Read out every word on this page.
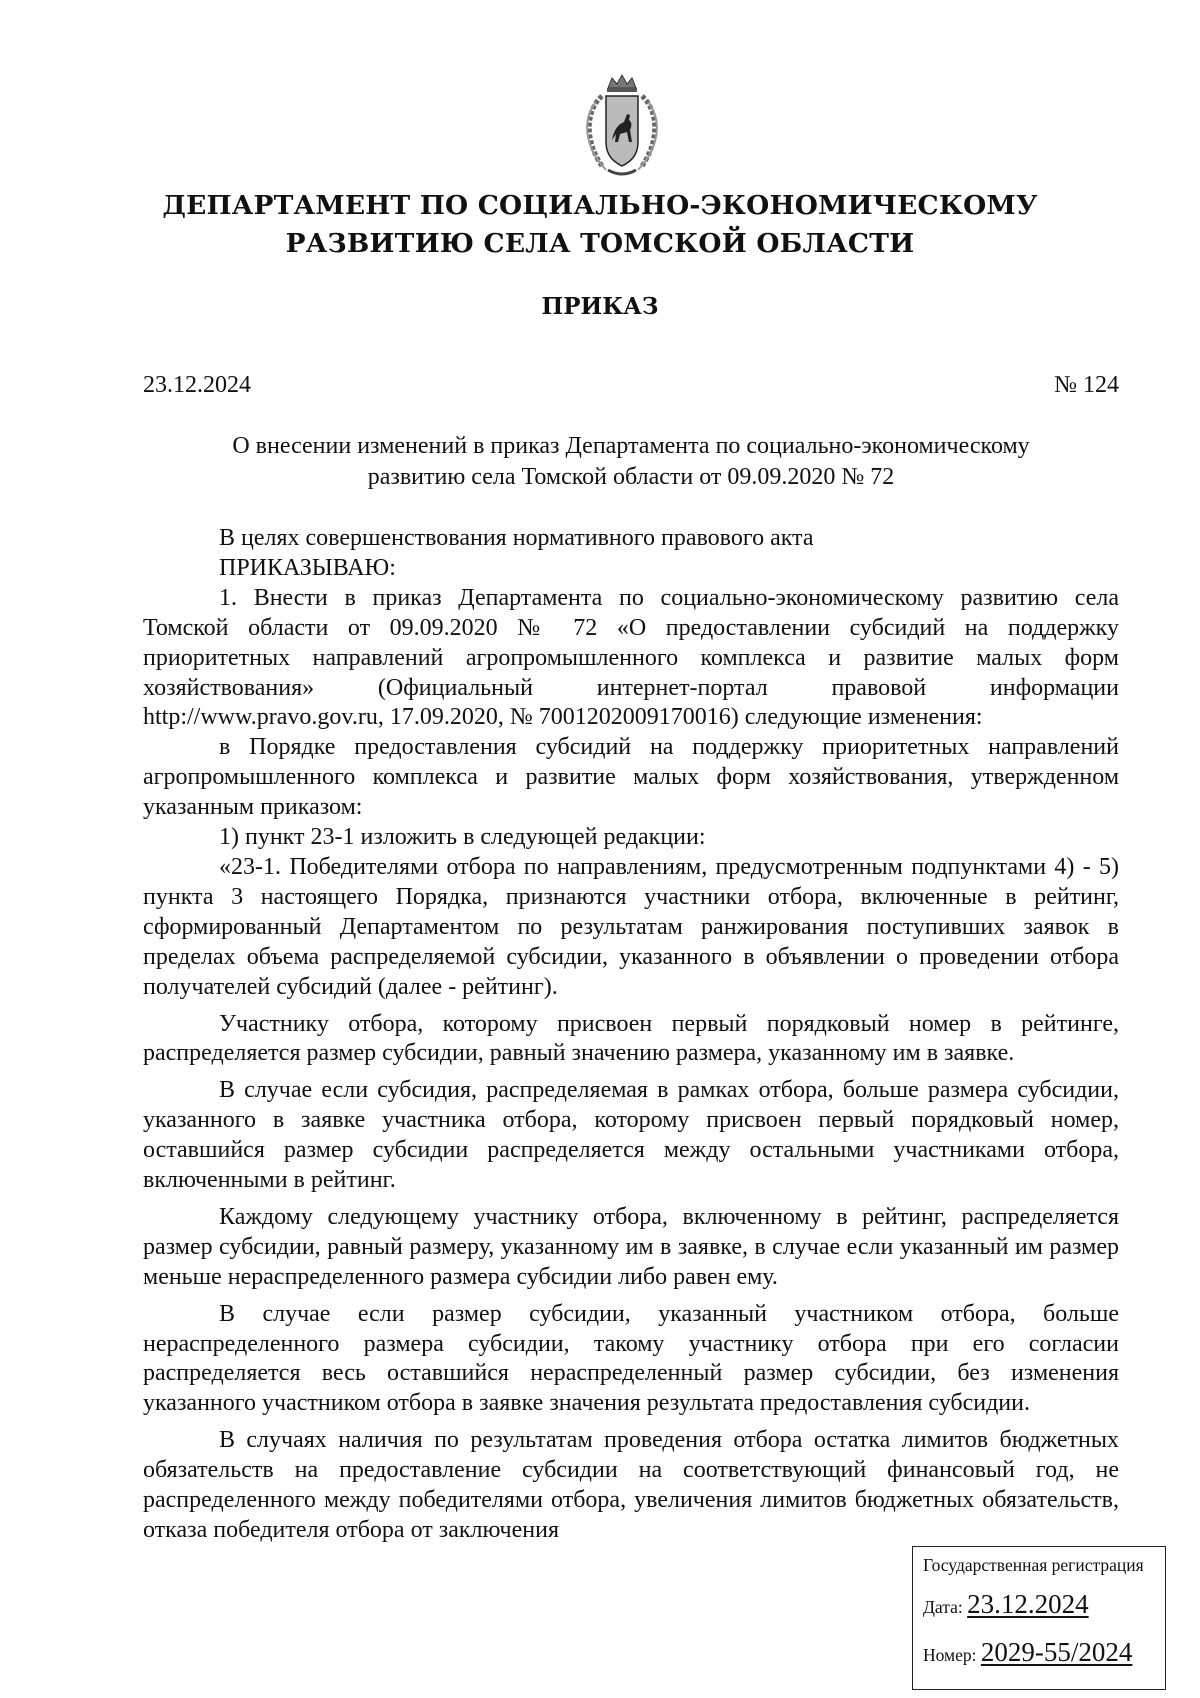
ДЕПАРТАМЕНТ ПО СОЦИАЛЬНО-ЭКОНОМИЧЕСКОМУ
РАЗВИТИЮ СЕЛА ТОМСКОЙ ОБЛАСТИ
ПРИКАЗ
23.12.2024	№ 124
О внесении изменений в приказ Департамента по социально-экономическому
развитию села Томской области от 09.09.2020 № 72

В целях совершенствования нормативного правового акта

ПРИКАЗЫВАЮ:

1. Внести в приказ Департамента по социально-экономическому развитию села Томской области от 09.09.2020 № 72 «О предоставлении субсидий на поддержку приоритетных направлений агропромышленного комплекса и развитие малых форм хозяйствования» (Официальный интернет-портал правовой информации http://www.pravo.gov.ru, 17.09.2020, № 7001202009170016) следующие изменения:

в Порядке предоставления субсидий на поддержку приоритетных направлений агропромышленного комплекса и развитие малых форм хозяйствования, утвержденном указанным приказом:

1) пункт 23-1 изложить в следующей редакции:

«23-1. Победителями отбора по направлениям, предусмотренным подпунктами 4) - 5) пункта 3 настоящего Порядка, признаются участники отбора, включенные в рейтинг, сформированный Департаментом по результатам ранжирования поступивших заявок в пределах объема распределяемой субсидии, указанного в объявлении о проведении отбора получателей субсидий (далее - рейтинг).

Участнику отбора, которому присвоен первый порядковый номер в рейтинге, распределяется размер субсидии, равный значению размера, указанному им в заявке.

В случае если субсидия, распределяемая в рамках отбора, больше размера субсидии, указанного в заявке участника отбора, которому присвоен первый порядковый номер, оставшийся размер субсидии распределяется между остальными участниками отбора, включенными в рейтинг.

Каждому следующему участнику отбора, включенному в рейтинг, распределяется размер субсидии, равный размеру, указанному им в заявке, в случае если указанный им размер меньше нераспределенного размера субсидии либо равен ему.

В случае если размер субсидии, указанный участником отбора, больше нераспределенного размера субсидии, такому участнику отбора при его согласии распределяется весь оставшийся нераспределенный размер субсидии, без изменения указанного участником отбора в заявке значения результата предоставления субсидии.

В случаях наличия по результатам проведения отбора остатка лимитов бюджетных обязательств на предоставление субсидии на соответствующий финансовый год, не распределенного между победителями отбора, увеличения лимитов бюджетных обязательств, отказа победителя отбора от заключения

Государственная регистрация
Дата: 23.12.2024
Номер: 2029-55/2024
